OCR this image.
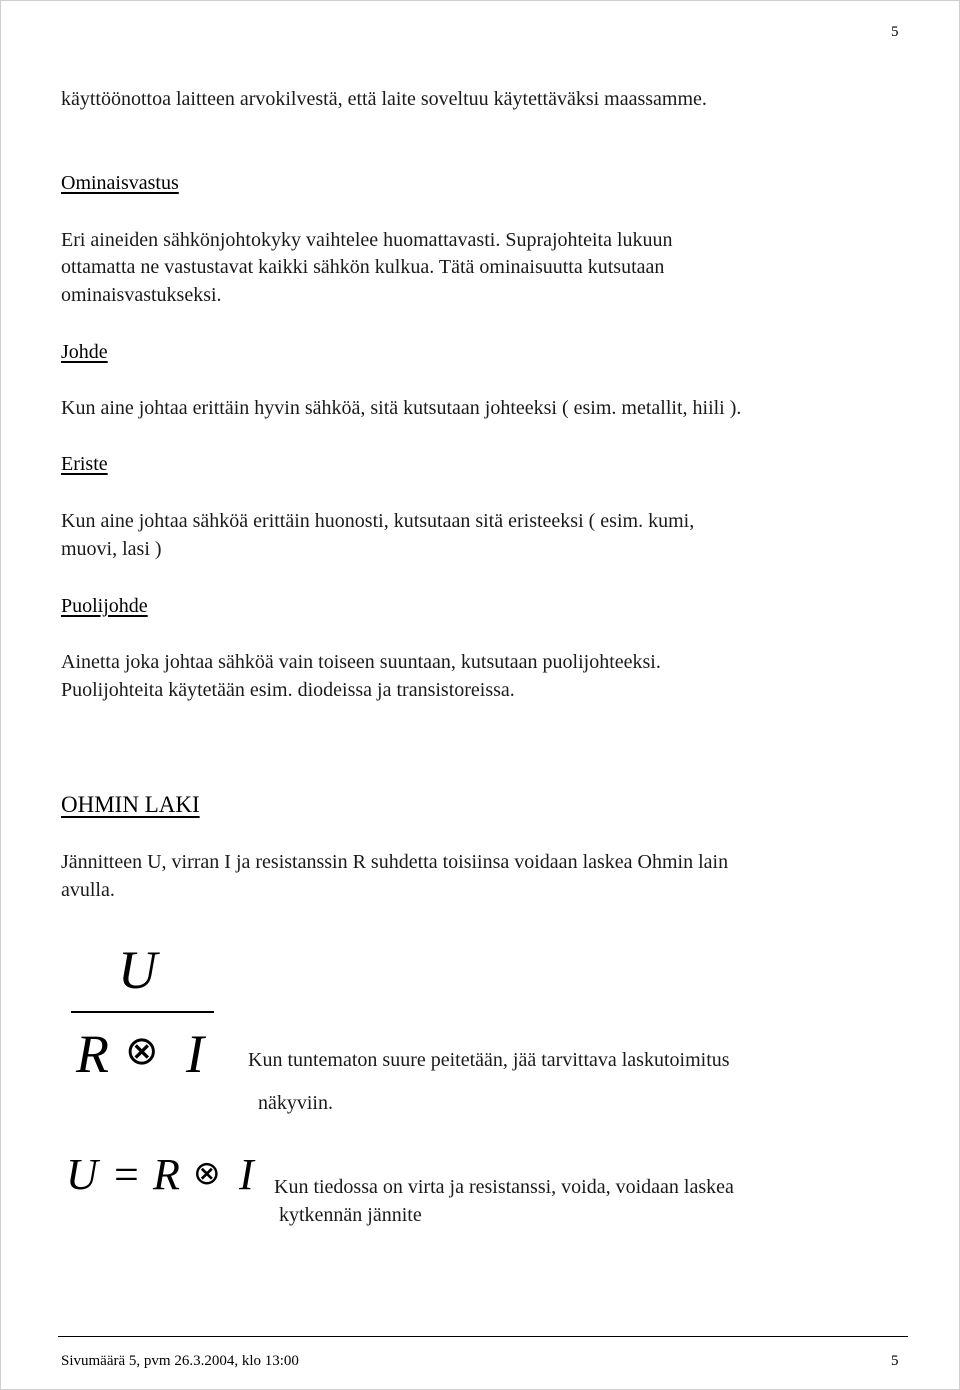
5
käyttöönottoa laitteen arvokilvestä, että laite soveltuu käytettäväksi maassamme.
Ominaisvastus
Eri aineiden sähkönjohtokyky vaihtelee huomattavasti. Suprajohteita lukuun
ottamatta ne vastustavat kaikki sähkön kulkua. Tätä ominaisuutta kutsutaan
ominaisvastukseksi.
Johde
Kun aine johtaa erittäin hyvin sähköä, sitä kutsutaan johteeksi ( esim. metallit, hiili ).
Eriste
Kun aine johtaa sähköä erittäin huonosti, kutsutaan sitä eristeeksi ( esim. kumi,
muovi, lasi )
Puolijohde
Ainetta joka johtaa sähköä vain toiseen suuntaan, kutsutaan puolijohteeksi.
Puolijohteita käytetään esim. diodeissa ja transistoreissa.
OHMIN LAKI
Jännitteen U, virran I ja resistanssin R suhdetta toisiinsa voidaan laskea Ohmin lain
avulla.
U
R ⊗ I Kun tuntematon suure peitetään, jää tarvittava laskutoimitus
näkyviin.
U = R ⊗ I Kun tiedossa on virta ja resistanssi, voida, voidaan laskea
kytkennän jännite
Sivumäärä 5, pvm 26.3.2004, klo 13:00	5
